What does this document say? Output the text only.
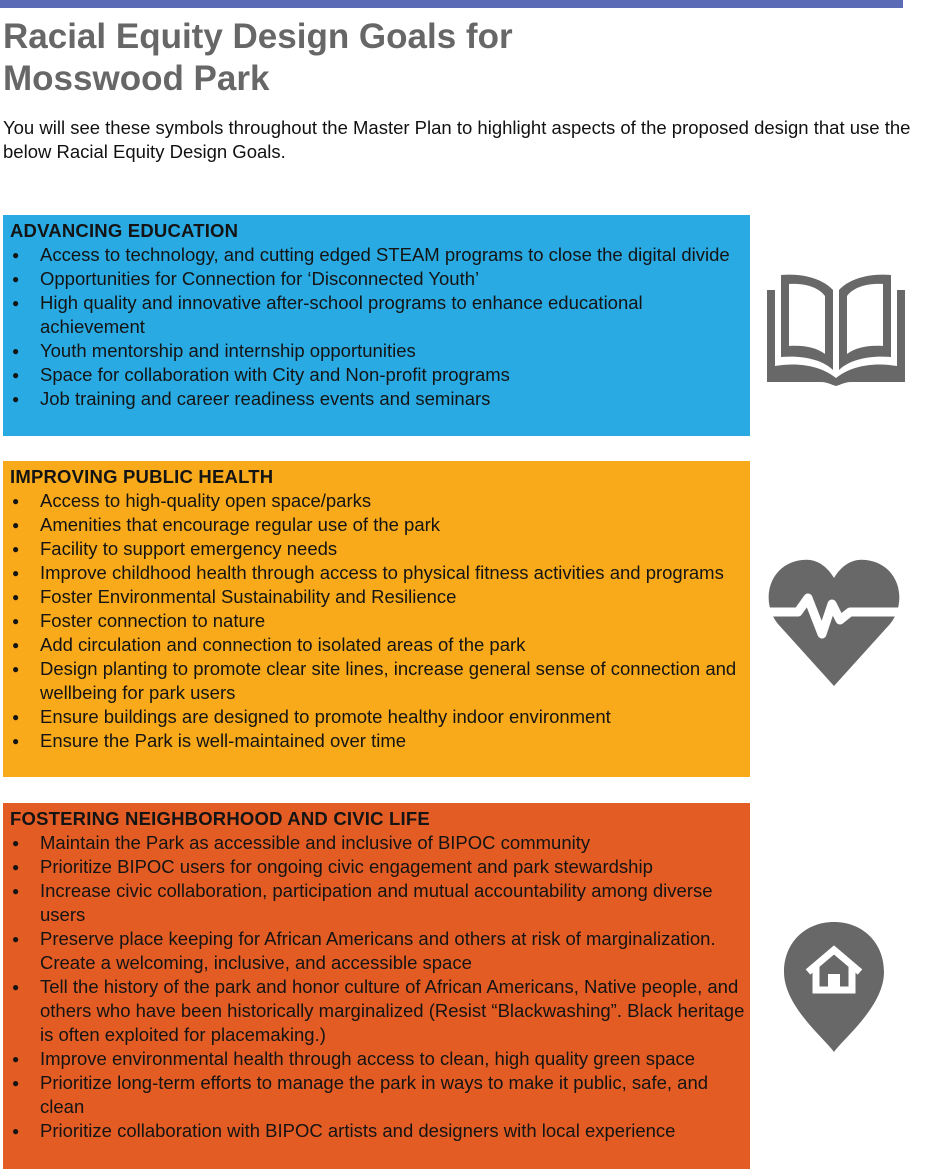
Racial Equity Design Goals for Mosswood Park

You will see these symbols throughout the Master Plan to highlight aspects of the proposed design that use the below Racial Equity Design Goals.

ADVANCING EDUCATION
● Access to technology, and cutting edged STEAM programs to close the digital divide
● Opportunities for Connection for ‘Disconnected Youth’
● High quality and innovative after-school programs to enhance educational achievement
● Youth mentorship and internship opportunities
● Space for collaboration with City and Non-profit programs
● Job training and career readiness events and seminars
IMPROVING PUBLIC HEALTH
● Access to high-quality open space/parks
● Amenities that encourage regular use of the park
● Facility to support emergency needs
● Improve childhood health through access to physical fitness activities and programs
● Foster Environmental Sustainability and Resilience
● Foster connection to nature
● Add circulation and connection to isolated areas of the park
● Design planting to promote clear site lines, increase general sense of connection and wellbeing for park users
● Ensure buildings are designed to promote healthy indoor environment
● Ensure the Park is well-maintained over time
FOSTERING NEIGHBORHOOD AND CIVIC LIFE
● Maintain the Park as accessible and inclusive of BIPOC community
● Prioritize BIPOC users for ongoing civic engagement and park stewardship
● Increase civic collaboration, participation and mutual accountability among diverse users
● Preserve place keeping for African Americans and others at risk of marginalization. Create a welcoming, inclusive, and accessible space
● Tell the history of the park and honor culture of African Americans, Native people, and others who have been historically marginalized (Resist “Blackwashing”. Black heritage is often exploited for placemaking.)
● Improve environmental health through access to clean, high quality green space
● Prioritize long-term efforts to manage the park in ways to make it public, safe, and clean
● Prioritize collaboration with BIPOC artists and designers with local experience
